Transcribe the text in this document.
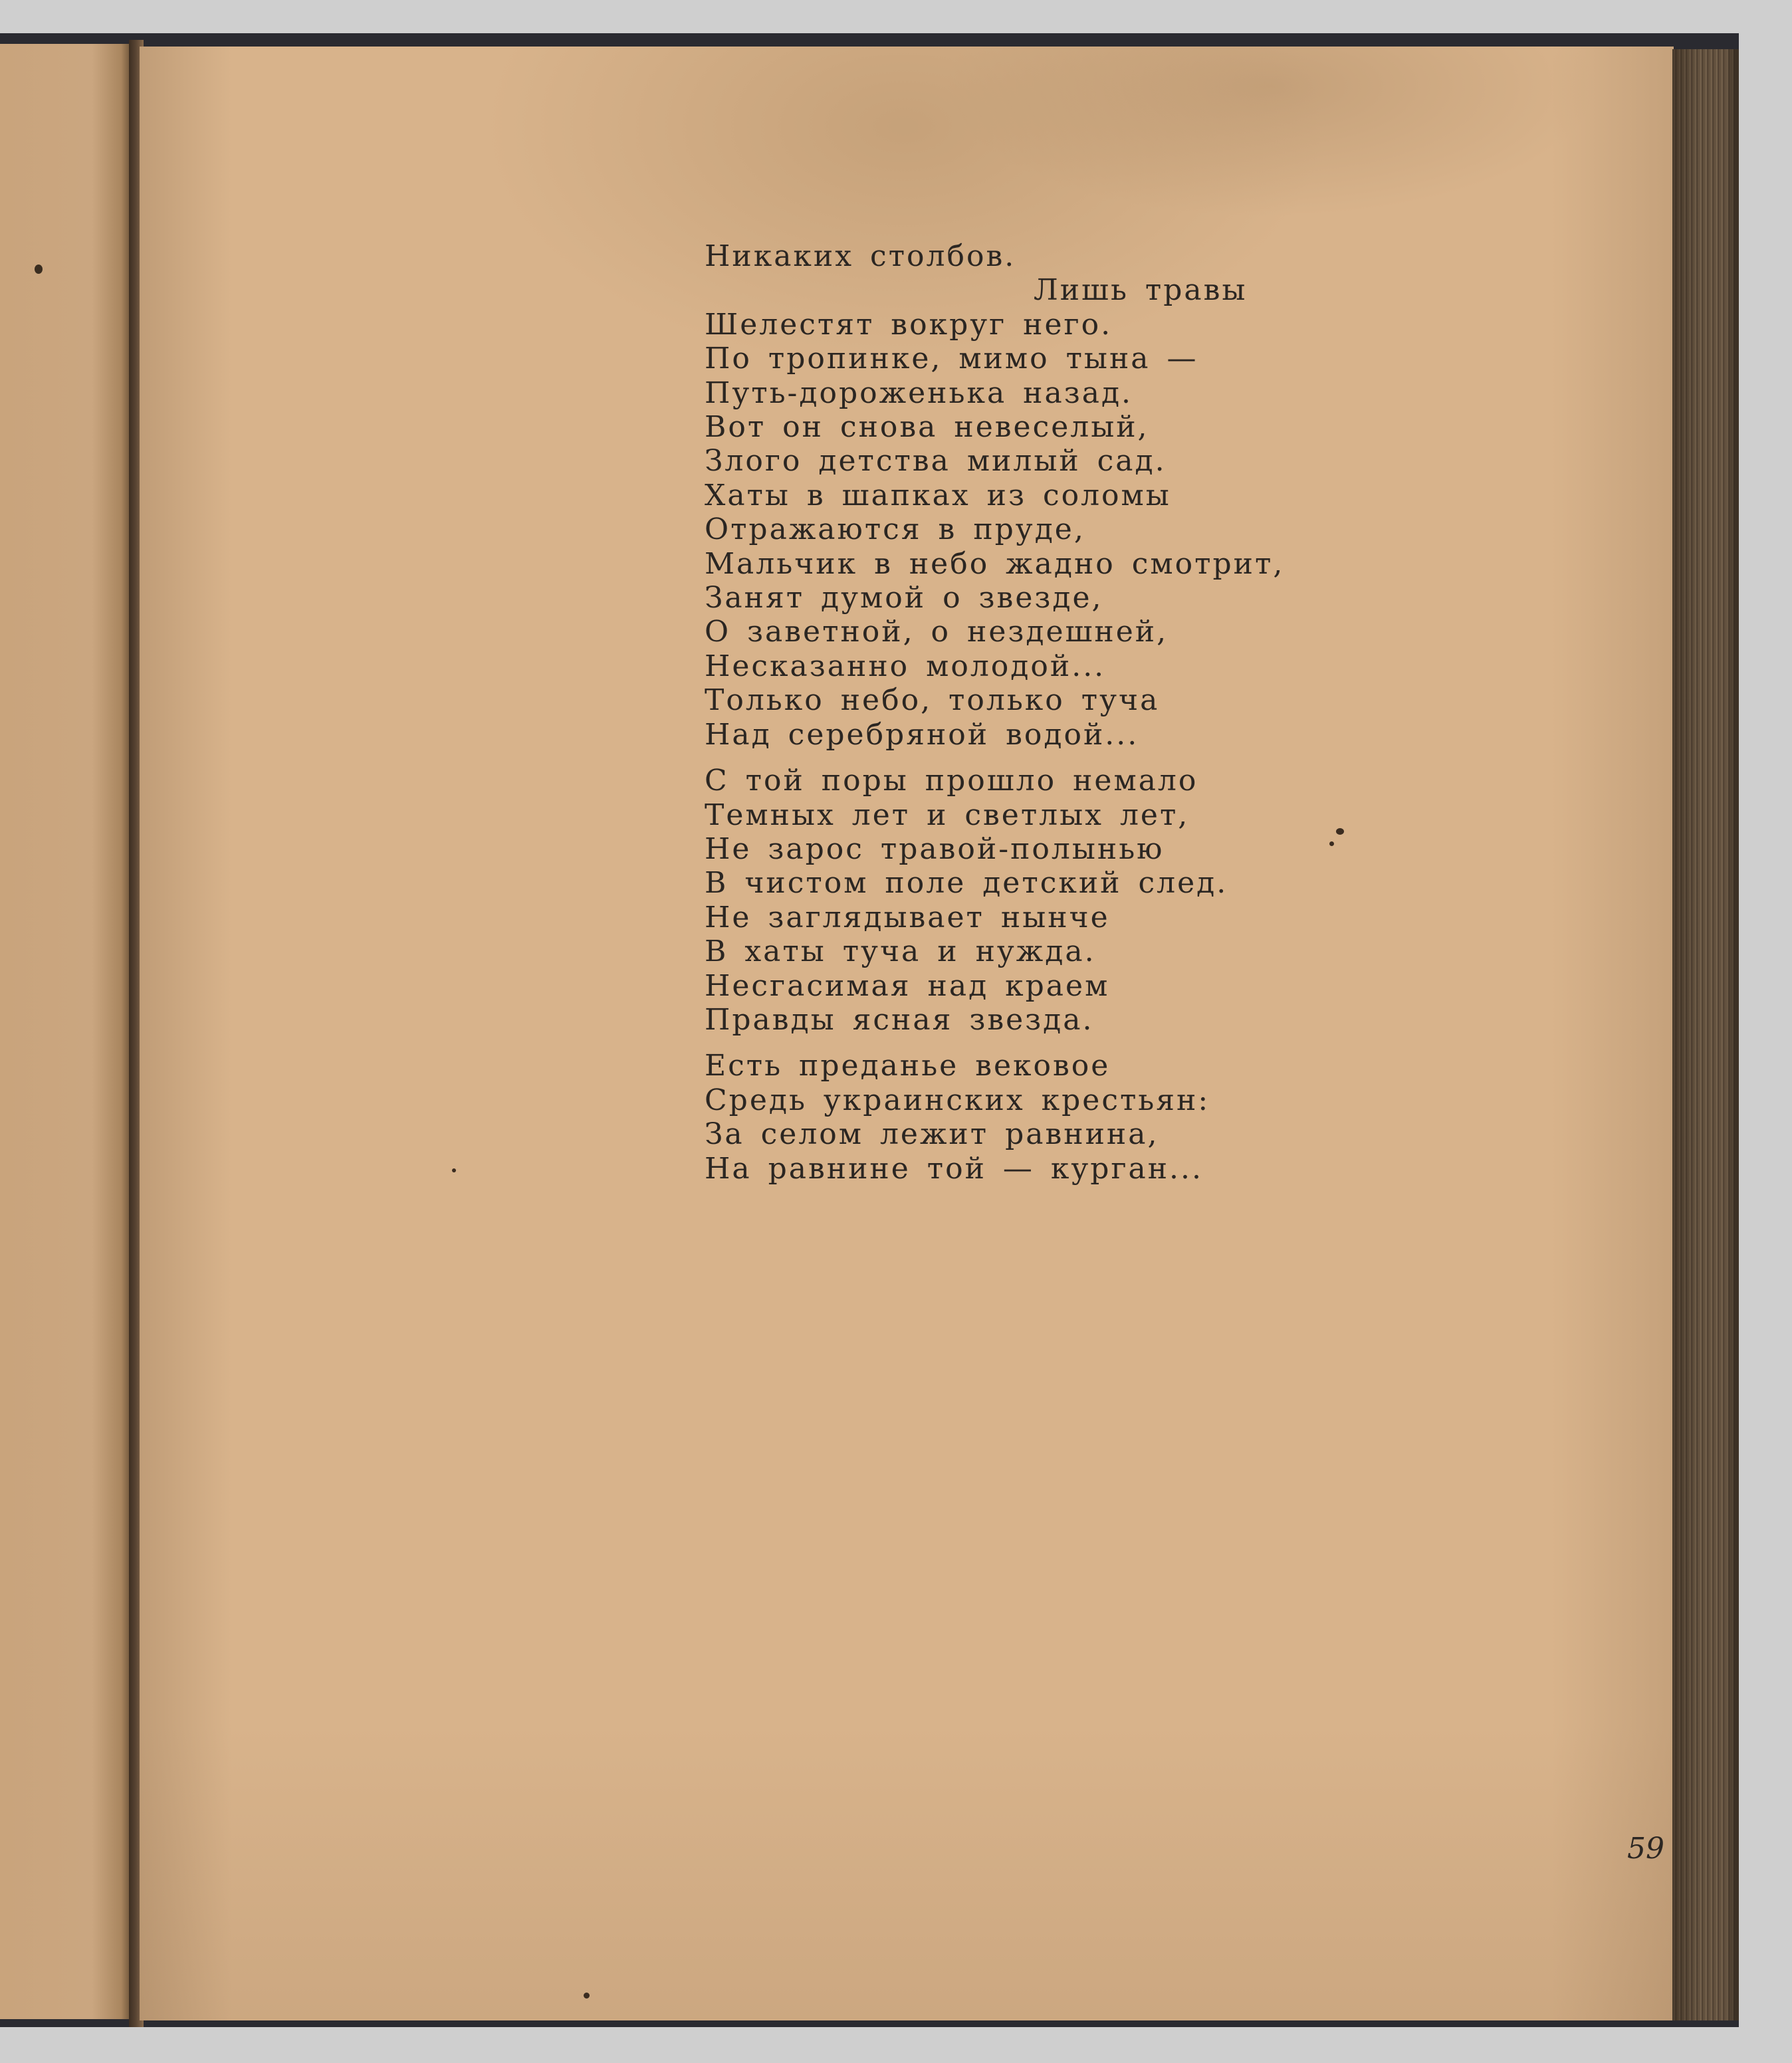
Никаких столбов.
Лишь травы
Шелестят вокруг него.
По тропинке, мимо тына —
Путь-дороженька назад.
Вот он снова невеселый,
Злого детства милый сад.
Хаты в шапках из соломы
Отражаются в пруде,
Мальчик в небо жадно смотрит,
Занят думой о звезде,
О заветной, о нездешней,
Несказанно молодой...
Только небо, только туча
Над серебряной водой...
С той поры прошло немало
Темных лет и светлых лет,
Не зарос травой-полынью
В чистом поле детский след.
Не заглядывает нынче
В хаты туча и нужда.
Несгасимая над краем
Правды ясная звезда.
Есть преданье вековое
Средь украинских крестьян:
За селом лежит равнина,
На равнине той — курган...
59
